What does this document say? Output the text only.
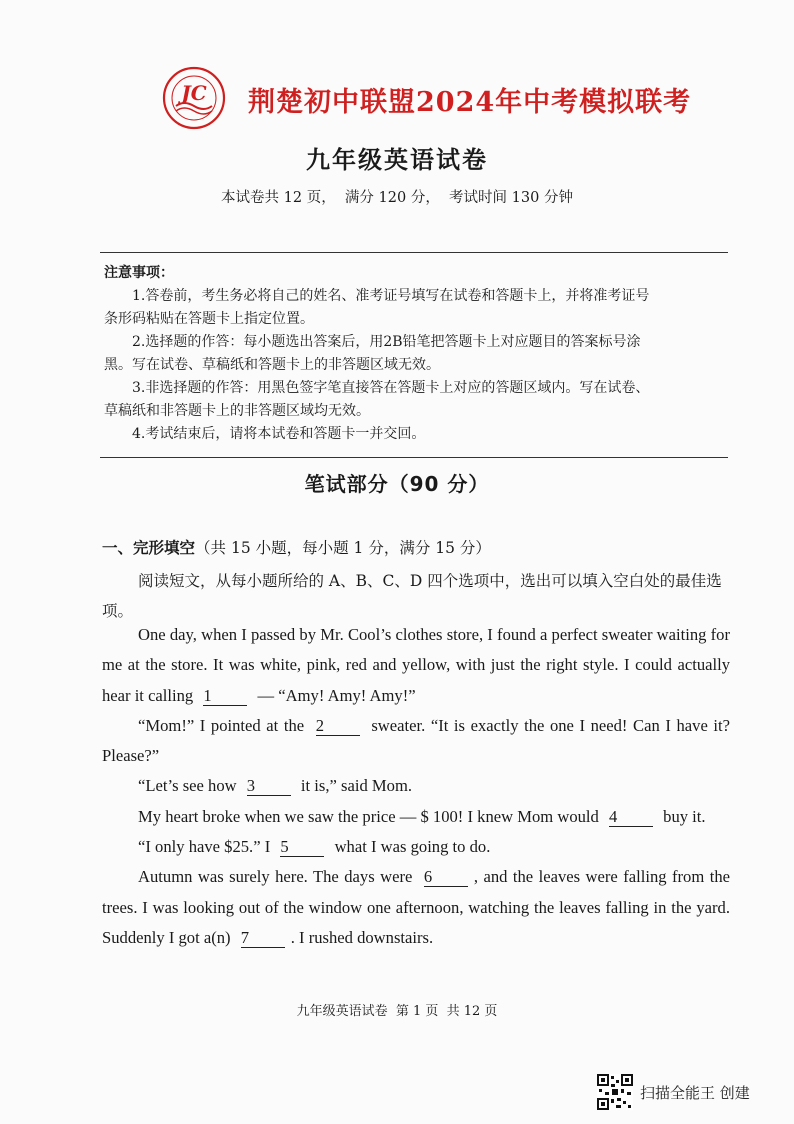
JC 荆楚初中联盟2024年中考模拟联考
九年级英语试卷
本试卷共 12 页，  满分 120 分，  考试时间 130 分钟
注意事项：

1.答卷前，考生务必将自己的姓名、准考证号填写在试卷和答题卡上，并将准考证号

条形码粘贴在答题卡上指定位置。

2.选择题的作答：每小题选出答案后，用2B铅笔把答题卡上对应题目的答案标号涂

黑。写在试卷、草稿纸和答题卡上的非答题区域无效。

3.非选择题的作答：用黑色签字笔直接答在答题卡上对应的答题区域内。写在试卷、

草稿纸和非答题卡上的非答题区域均无效。

4.考试结束后，请将本试卷和答题卡一并交回。

笔试部分（90 分）
一、完形填空（共 15 小题，每小题 1 分，满分 15 分）
阅读短文，从每小题所给的 A、B、C、D 四个选项中，选出可以填入空白处的最佳选项。

One day, when I passed by Mr. Cool’s clothes store, I found a perfect sweater waiting for me at the store. It was white, pink, red and yellow, with just the right style. I could actually hear it calling 1	— “Amy! Amy! Amy!”

“Mom!” I pointed at the 2	sweater. “It is exactly the one I need! Can I have it? Please?”

“Let’s see how 3	it is,” said Mom.

My heart broke when we saw the price — $ 100! I knew Mom would 4	buy it.

“I only have $25.” I 5	what I was going to do.

Autumn was surely here. The days were 6	, and the leaves were falling from the trees. I was looking out of the window one afternoon, watching the leaves falling in the yard. Suddenly I got a(n) 7	. I rushed downstairs.

九年级英语试卷  第 1 页  共 12 页
扫描全能王 创建
